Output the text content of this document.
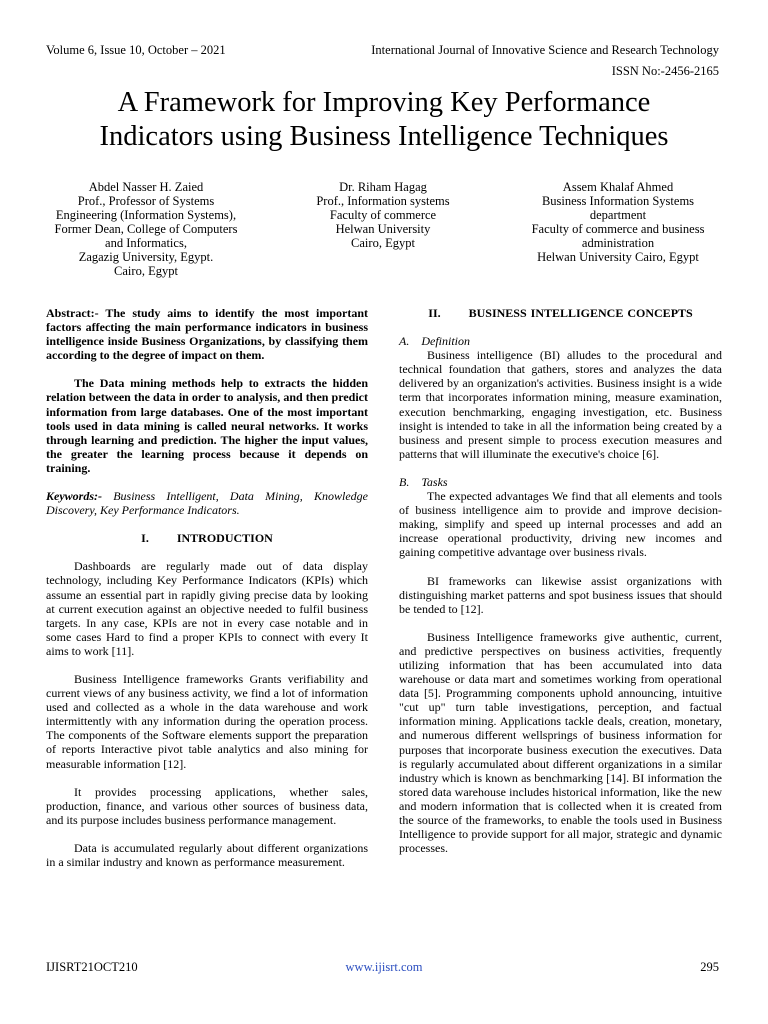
Volume 6, Issue 10, October – 2021	International Journal of Innovative Science and Research Technology
ISSN No:-2456-2165
A Framework for Improving Key Performance
Indicators using Business Intelligence Techniques
Abdel Nasser H. Zaied
Prof., Professor of Systems
Engineering (Information Systems),
Former Dean, College of Computers
and Informatics,
Zagazig University, Egypt.
Cairo, Egypt
Dr. Riham Hagag
Prof., Information systems
Faculty of commerce
Helwan University
Cairo, Egypt
Assem Khalaf Ahmed
Business Information Systems
department
Faculty of commerce and business
administration
Helwan University Cairo, Egypt

Abstract:- The study aims to identify the most important factors affecting the main performance indicators in business intelligence inside Business Organizations, by classifying them according to the degree of impact on them.

The Data mining methods help to extracts the hidden relation between the data in order to analysis, and then predict information from large databases. One of the most important tools used in data mining is called neural networks. It works through learning and prediction. The higher the input values, the greater the learning process because it depends on training.

Keywords:- Business Intelligent, Data Mining, Knowledge Discovery, Key Performance Indicators.

I. INTRODUCTION

Dashboards are regularly made out of data display technology, including Key Performance Indicators (KPIs) which assume an essential part in rapidly giving precise data by looking at current execution against an objective needed to fulfil business targets. In any case, KPIs are not in every case notable and in some cases Hard to find a proper KPIs to connect with every It aims to work [11].

Business Intelligence frameworks Grants verifiability and current views of any business activity, we find a lot of information used and collected as a whole in the data warehouse and work intermittently with any information during the operation process. The components of the Software elements support the preparation of reports Interactive pivot table analytics and also mining for measurable information [12].

It provides processing applications, whether sales, production, finance, and various other sources of business data, and its purpose includes business performance management.

Data is accumulated regularly about different organizations in a similar industry and known as performance measurement.

II. BUSINESS INTELLIGENCE CONCEPTS
A. Definition

Business intelligence (BI) alludes to the procedural and technical foundation that gathers, stores and analyzes the data delivered by an organization's activities. Business insight is a wide term that incorporates information mining, measure examination, execution benchmarking, engaging investigation, etc. Business insight is intended to take in all the information being created by a business and present simple to process execution measures and patterns that will illuminate the executive's choice [6].

B. Tasks

The expected advantages We find that all elements and tools of business intelligence aim to provide and improve decision-making, simplify and speed up internal processes and add an increase operational productivity, driving new incomes and gaining competitive advantage over business rivals.

BI frameworks can likewise assist organizations with distinguishing market patterns and spot business issues that should be tended to [12].

Business Intelligence frameworks give authentic, current, and predictive perspectives on business activities, frequently utilizing information that has been accumulated into data warehouse or data mart and sometimes working from operational data [5]. Programming components uphold announcing, intuitive "cut up" turn table investigations, perception, and factual information mining. Applications tackle deals, creation, monetary, and numerous different wellsprings of business information for purposes that incorporate business execution the executives. Data is regularly accumulated about different organizations in a similar industry which is known as benchmarking [14]. BI information the stored data warehouse includes historical information, like the new and modern information that is collected when it is created from the source of the frameworks, to enable the tools used in Business Intelligence to provide support for all major, strategic and dynamic processes.

IJISRT21OCT210	www.ijisrt.com	295
